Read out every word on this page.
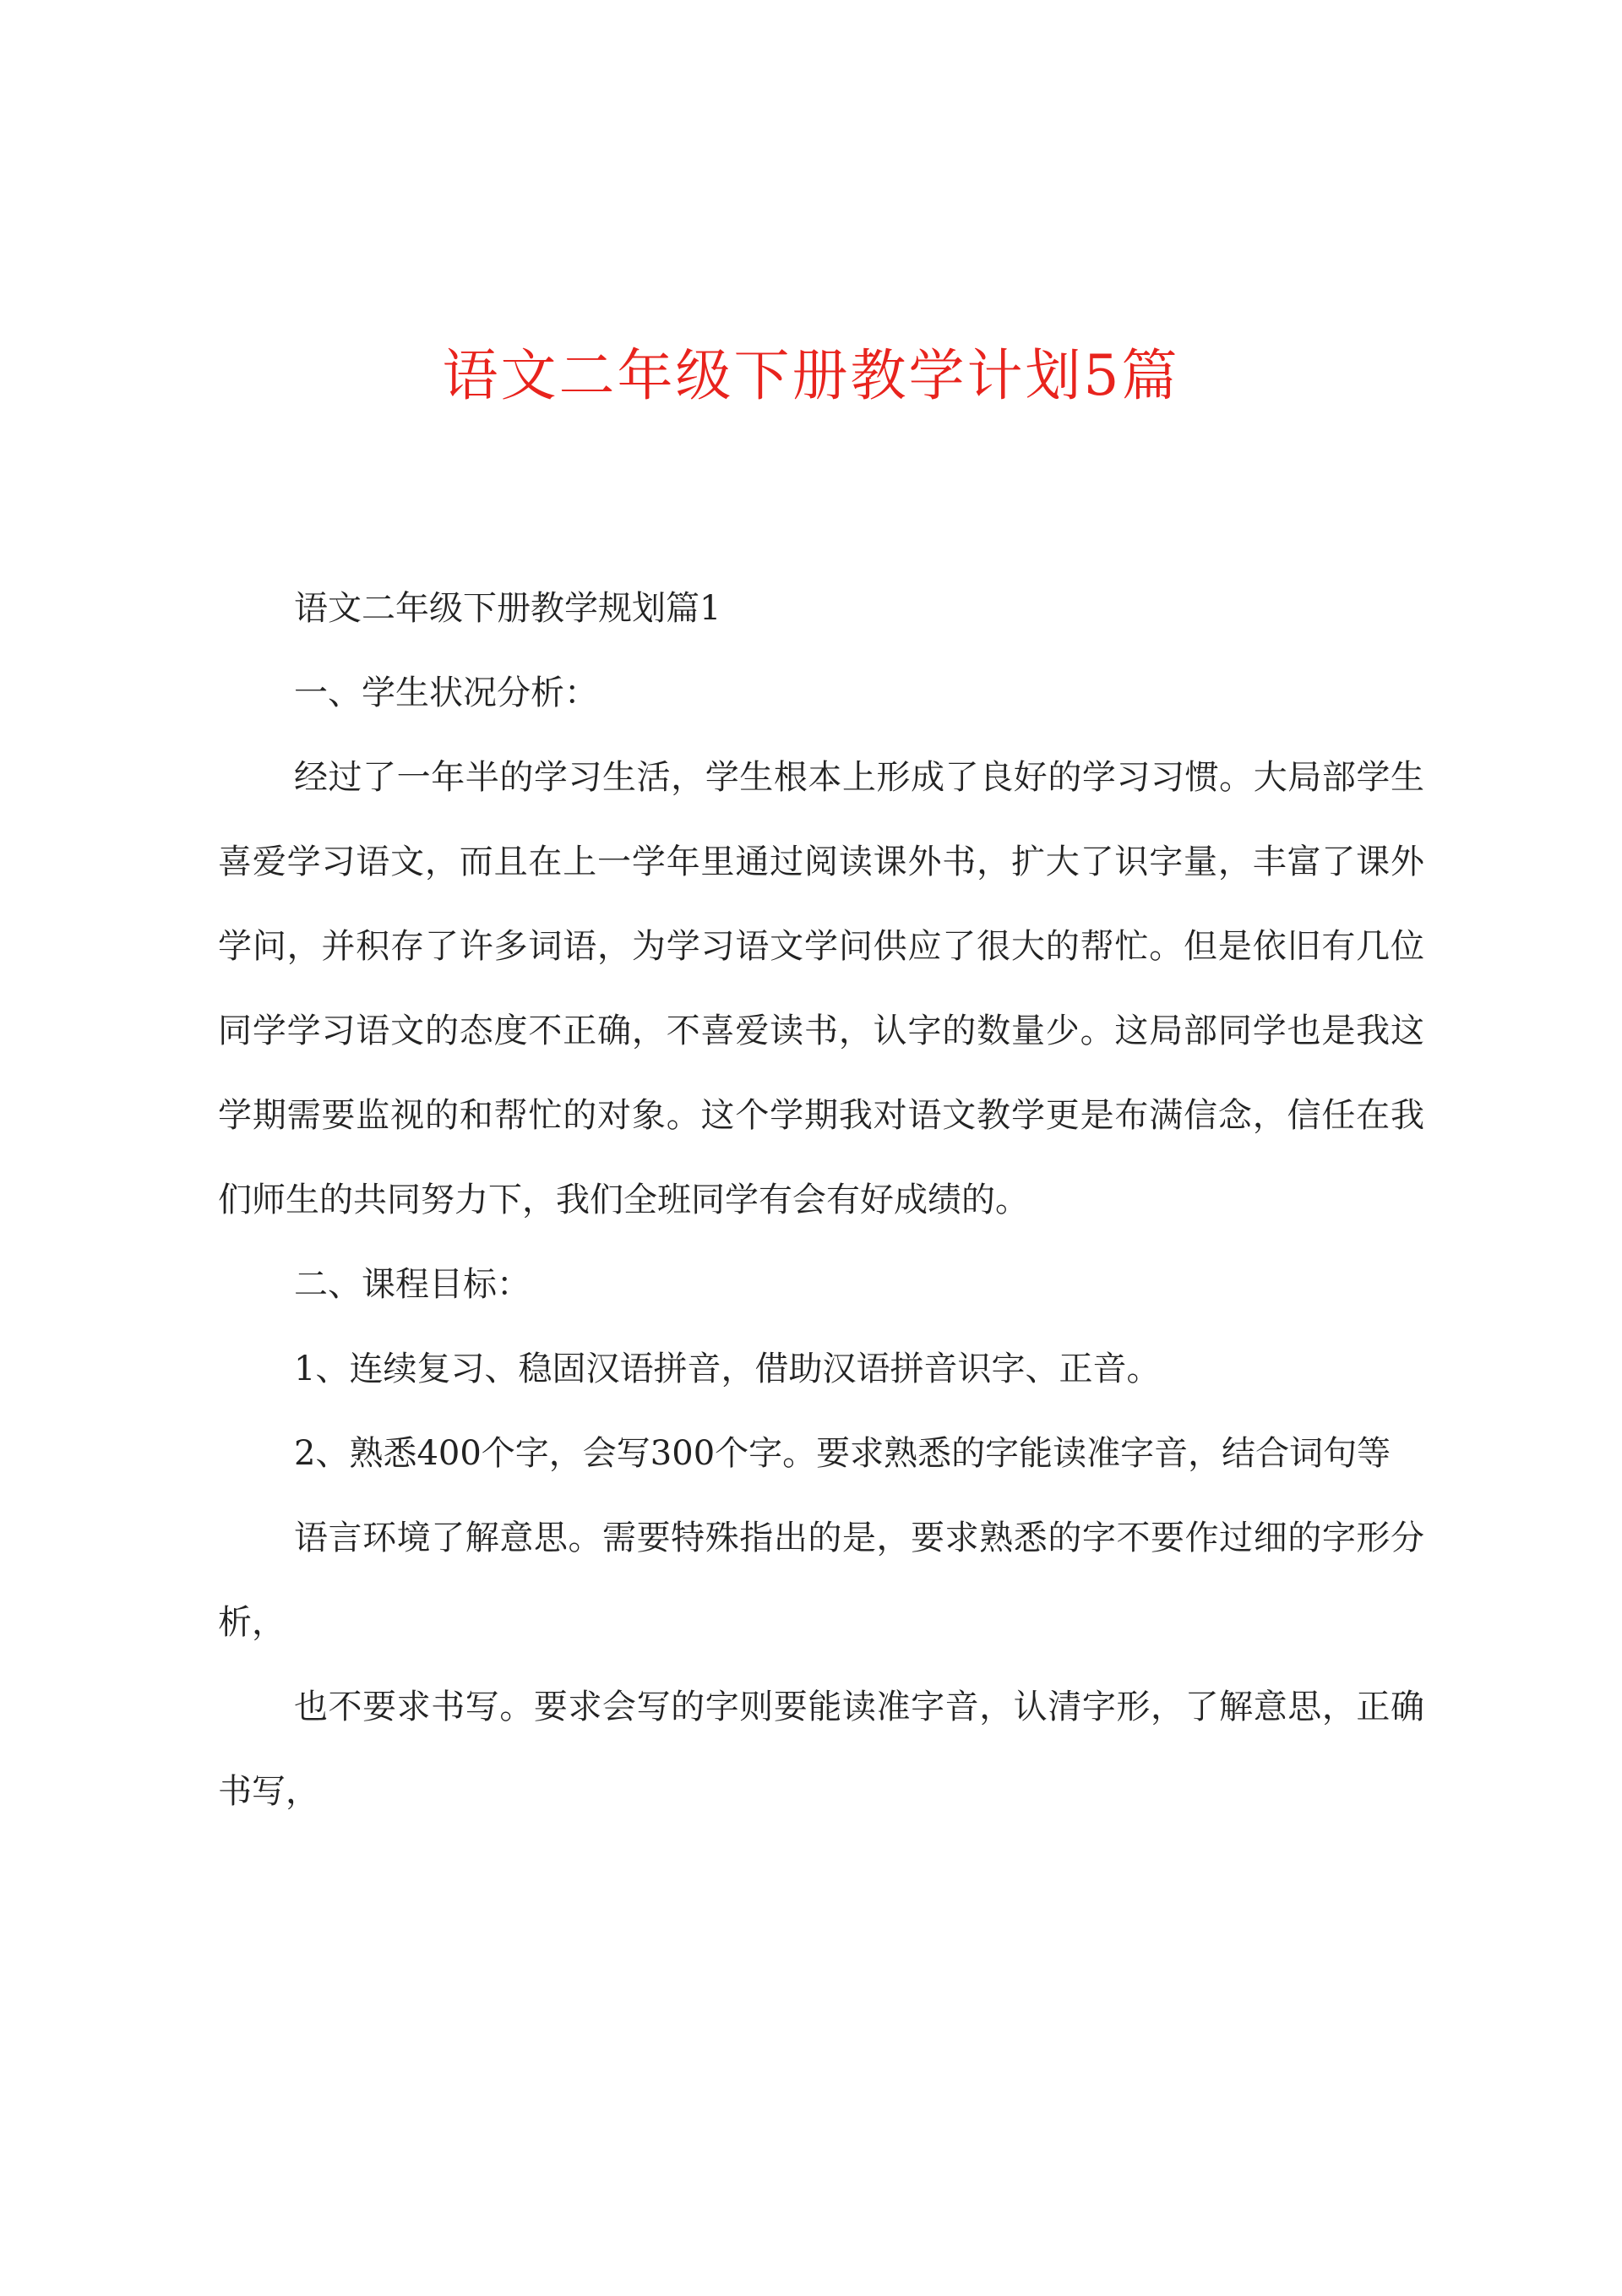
语文二年级下册教学计划5篇

语文二年级下册教学规划篇1

一、学生状况分析：

经过了一年半的学习生活，学生根本上形成了良好的学习习惯。大局部学生喜爱学习语文，而且在上一学年里通过阅读课外书，扩大了识字量，丰富了课外学问，并积存了许多词语，为学习语文学问供应了很大的帮忙。但是依旧有几位同学学习语文的态度不正确，不喜爱读书，认字的数量少。这局部同学也是我这学期需要监视的和帮忙的对象。这个学期我对语文教学更是布满信念，信任在我们师生的共同努力下，我们全班同学有会有好成绩的。

二、课程目标：

1、连续复习、稳固汉语拼音，借助汉语拼音识字、正音。

2、熟悉400个字，会写300个字。要求熟悉的字能读准字音，结合词句等

语言环境了解意思。需要特殊指出的是，要求熟悉的字不要作过细的字形分析，

也不要求书写。要求会写的字则要能读准字音，认清字形，了解意思，正确书写，
